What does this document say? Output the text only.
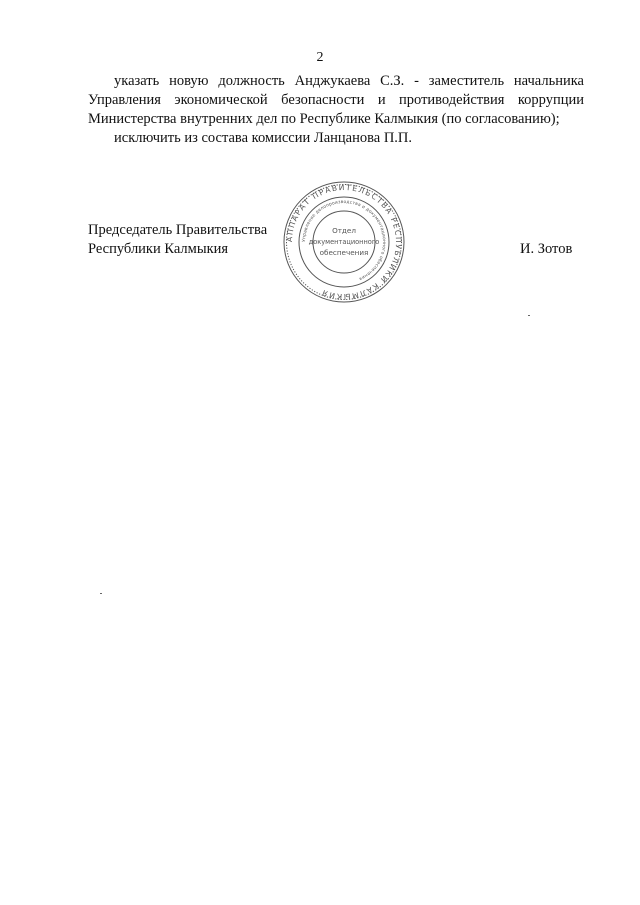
2

указать новую должность Анджукаева С.З. - заместитель начальника

Управления экономической безопасности и противодействия коррупции

Министерства внутренних дел по Республике Калмыкия (по согласованию);

исключить из состава комиссии Ланцанова П.П.

Председатель Правительства
Республики Калмыкия	И. Зотов
АППАРАТ ПРАВИТЕЛЬСТВА РЕСПУБЛИКИ КАЛМЫКИЯ
Управление делопроизводства и документационного обеспечения
Отдел
документационного
обеспечения
